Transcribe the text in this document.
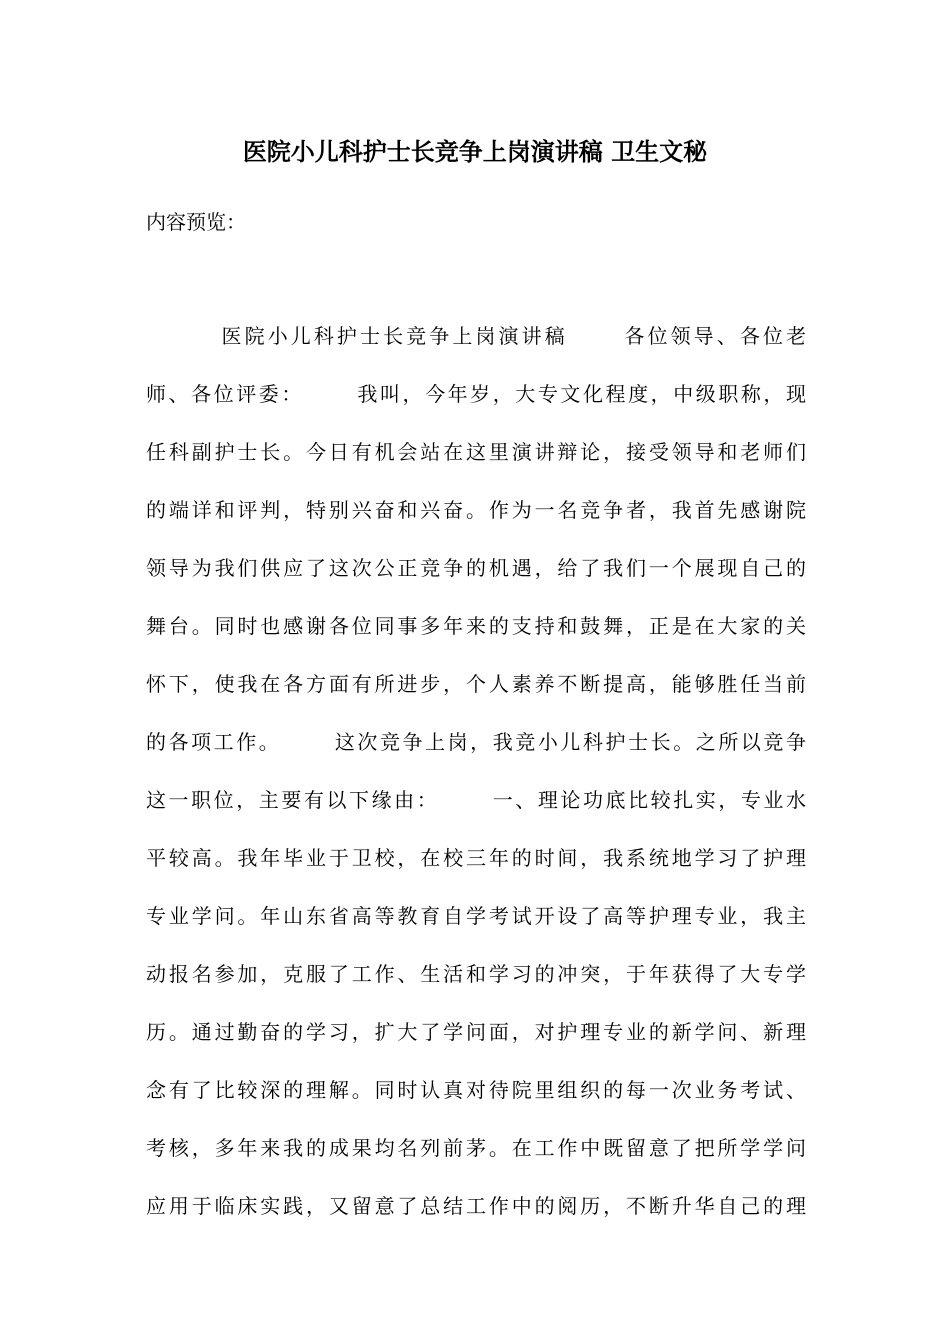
医院小儿科护士长竞争上岗演讲稿 卫生文秘

内容预览：

医院小儿科护士长竞争上岗演讲稿      各位领导、各位老
师、各位评委：      我叫，今年岁，大专文化程度，中级职称，现
任科副护士长。今日有机会站在这里演讲辩论，接受领导和老师们
的端详和评判，特别兴奋和兴奋。作为一名竞争者，我首先感谢院
领导为我们供应了这次公正竞争的机遇，给了我们一个展现自己的
舞台。同时也感谢各位同事多年来的支持和鼓舞，正是在大家的关
怀下，使我在各方面有所进步，个人素养不断提高，能够胜任当前
的各项工作。      这次竞争上岗，我竞小儿科护士长。之所以竞争
这一职位，主要有以下缘由：      一、理论功底比较扎实，专业水
平较高。我年毕业于卫校，在校三年的时间，我系统地学习了护理
专业学问。年山东省高等教育自学考试开设了高等护理专业，我主
动报名参加，克服了工作、生活和学习的冲突，于年获得了大专学
历。通过勤奋的学习，扩大了学问面，对护理专业的新学问、新理
念有了比较深的理解。同时认真对待院里组织的每一次业务考试、
考核，多年来我的成果均名列前茅。在工作中既留意了把所学学问
应用于临床实践，又留意了总结工作中的阅历，不断升华自己的理
